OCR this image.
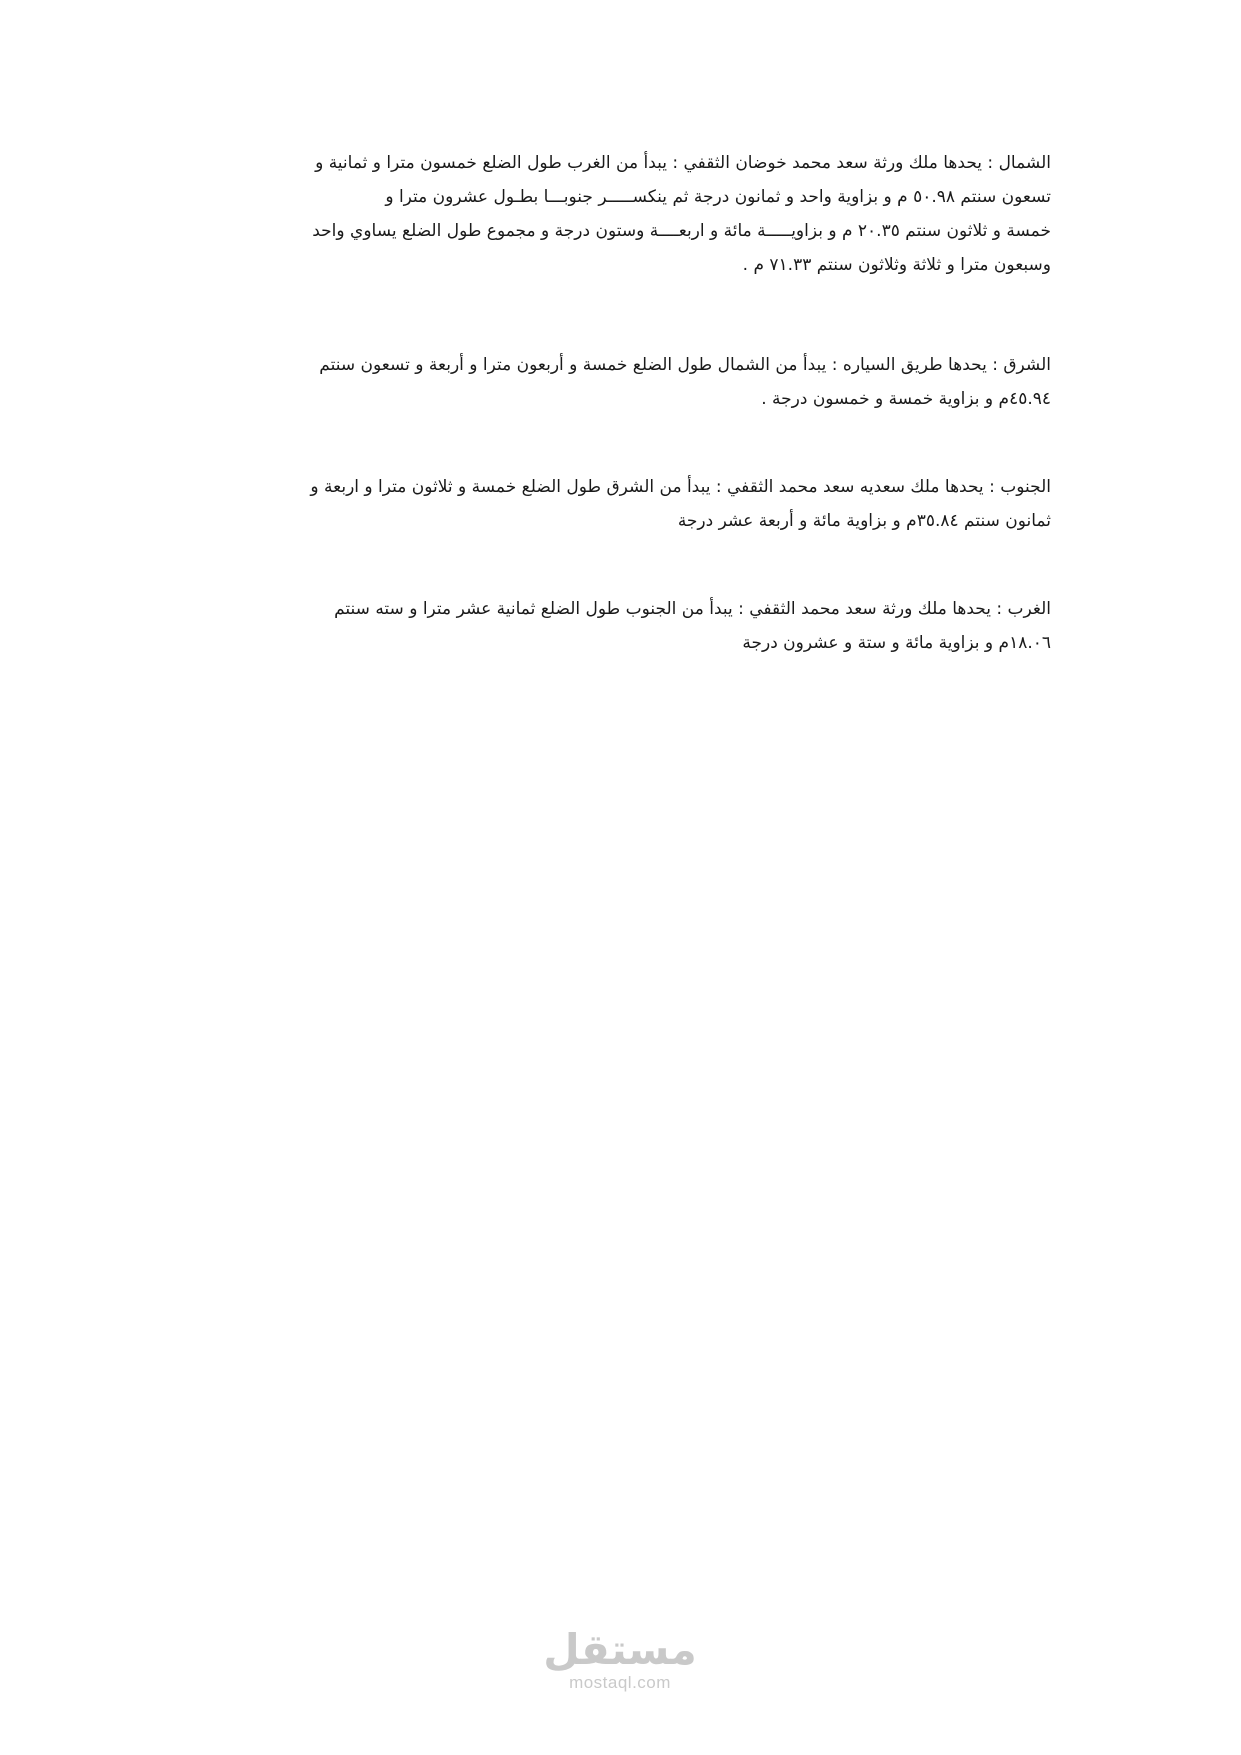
الشمال : يحدها ملك ورثة سعد محمد خوضان الثقفي : يبدأ من الغرب طول الضلع خمسون مترا و ثمانية و
تسعون سنتم ٥٠.٩٨ م و بزاوية واحد و ثمانون درجة ثم ينكســـــر جنوبـــا بطـول عشرون مترا و
خمسة و ثلاثون سنتم ٢٠.٣٥ م و بزاويـــــة مائة و اربعــــة وستون درجة و مجموع طول الضلع يساوي واحد
وسبعون مترا و ثلاثة وثلاثون سنتم ٧١.٣٣ م .
الشرق : يحدها طريق السياره : يبدأ من الشمال طول الضلع خمسة و أربعون مترا و أربعة و تسعون سنتم
٤٥.٩٤م و بزاوية خمسة و خمسون درجة .
الجنوب : يحدها ملك سعديه سعد محمد الثقفي : يبدأ من الشرق طول الضلع خمسة و ثلاثون مترا و اربعة و
ثمانون سنتم ٣٥.٨٤م و بزاوية مائة و أربعة عشر درجة
الغرب : يحدها ملك ورثة سعد محمد الثقفي : يبدأ من الجنوب طول الضلع ثمانية عشر مترا و سته سنتم
١٨.٠٦م و بزاوية مائة و ستة و عشرون درجة
مستقل
mostaql.com
